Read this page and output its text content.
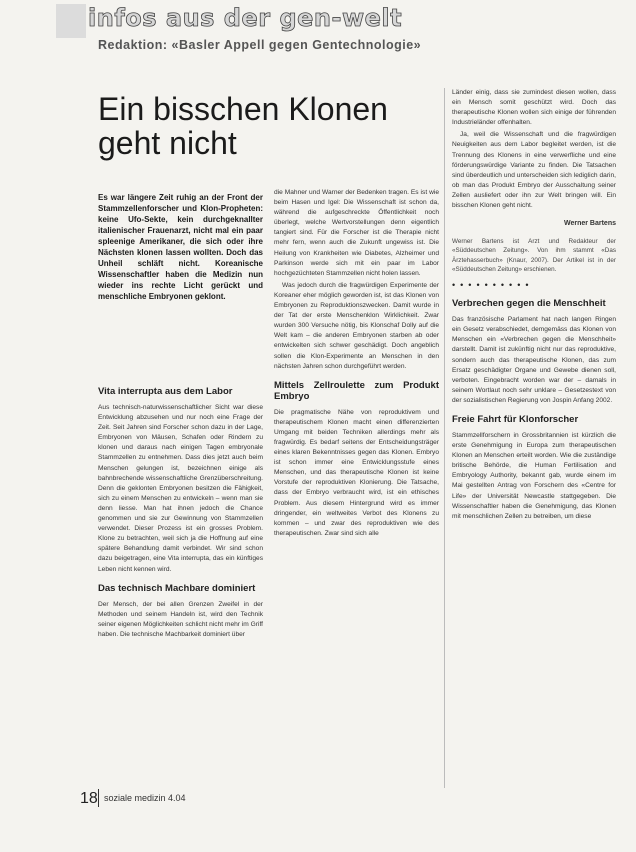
infos aus der gen-welt
Redaktion: «Basler Appell gegen Gentechnologie»
Ein bisschen Klonen
geht nicht
Es war längere Zeit ruhig an der Front der Stammzellenforscher und Klon-Propheten: keine Ufo-Sekte, kein durchgeknallter italienischer Frauenarzt, nicht mal ein paar spleenige Amerikaner, die sich oder ihre Nächsten klonen lassen wollten. Doch das Unheil schläft nicht. Koreanische Wissenschaftler haben die Medizin nun wieder ins rechte Licht gerückt und menschliche Embryonen geklont.
Vita interrupta aus dem Labor

Aus technisch-naturwissenschaftlicher Sicht war diese Entwicklung abzusehen und nur noch eine Frage der Zeit. Seit Jahren sind Forscher schon dazu in der Lage, Embryonen von Mäusen, Schafen oder Rindern zu klonen und daraus nach einigen Tagen embryonale Stammzellen zu entnehmen. Dass dies jetzt auch beim Menschen gelungen ist, bezeichnen einige als bahnbrechende wissenschaftliche Grenzüberschreitung. Denn die geklonten Embryonen besitzen die Fähigkeit, sich zu einem Menschen zu entwickeln – wenn man sie denn liesse. Man hat ihnen jedoch die Chance genommen und sie zur Gewinnung von Stammzellen verwendet. Dieser Prozess ist ein grosses Problem. Klone zu betrachten, weil sich ja die Hoffnung auf eine spätere Behandlung damit verbindet. Wir sind schon dazu beigetragen, eine Vita interrupta, das ein künftiges Leben nicht kennen wird.

Das technisch Machbare dominiert

Der Mensch, der bei allen Grenzen Zweifel in der Methoden und seinem Handeln ist, wird den Technik seiner eigenen Möglichkeiten schlicht nicht mehr im Griff haben. Die technische Machbarkeit dominiert über

die Mahner und Warner der Bedenken tragen. Es ist wie beim Hasen und Igel: Die Wissenschaft ist schon da, während die aufgeschreckte Öffentlichkeit noch überlegt, welche Wertvorstellungen denn eigentlich tangiert sind. Für die Forscher ist die Therapie nicht mehr fern, wenn auch die Zukunft ungewiss ist. Die Heilung von Krankheiten wie Diabetes, Alzheimer und Parkinson werde sich mit ein paar im Labor hochgezüchteten Stammzellen nicht holen lassen.

Was jedoch durch die fragwürdigen Experimente der Koreaner eher möglich geworden ist, ist das Klonen von Embryonen zu Reproduktionszwecken. Damit wurde in der Tat der erste Menschenklon Wirklichkeit. Zwar wurden 300 Versuche nötig, bis Klonschaf Dolly auf die Welt kam – die anderen Embryonen starben ab oder entwickelten sich schwer geschädigt. Doch angeblich sollen die Klon-Experimente an Menschen in den nächsten Jahren schon durchgeführt werden.

Mittels Zellroulette zum Produkt Embryo

Die pragmatische Nähe von reproduktivem und therapeutischem Klonen macht einen differenzierten Umgang mit beiden Techniken allerdings mehr als fragwürdig. Es bedarf seitens der Entscheidungsträger eines klaren Bekenntnisses gegen das Klonen. Embryo ist schon immer eine Entwicklungsstufe eines Menschen, und das therapeutische Klonen ist keine Vorstufe der reproduktiven Klonierung. Die Tatsache, dass der Embryo verbraucht wird, ist ein ethisches Problem. Aus diesem Hintergrund wird es immer dringender, ein weltweites Verbot des Klonens zu kommen – und zwar des reproduktiven wie des therapeutischen. Zwar sind sich alle

Länder einig, dass sie zumindest diesen wollen, dass ein Mensch somit geschützt wird. Doch das therapeutische Klonen wollen sich einige der führenden Industrieländer offenhalten.

Ja, weil die Wissenschaft und die fragwürdigen Neuigkeiten aus dem Labor begleitet werden, ist die Trennung des Klonens in eine verwerfliche und eine förderungswürdige Variante zu finden. Die Tatsachen sind überdeutlich und unterscheiden sich lediglich darin, ob man das Produkt Embryo der Ausschaltung seiner Zellen ausliefert oder ihn zur Welt bringen will. Ein bisschen Klonen geht nicht.

Werner Bartens
Werner Bartens ist Arzt und Redakteur der «Süddeutschen Zeitung». Von ihm stammt «Das Ärztehasserbuch» (Knaur, 2007). Der Artikel ist in der «Süddeutschen Zeitung» erschienen.
••••••••••
Verbrechen gegen die Menschheit

Das französische Parlament hat nach langen Ringen ein Gesetz verabschiedet, demgemäss das Klonen von Menschen ein «Verbrechen gegen die Menschheit» darstellt. Damit ist zukünftig nicht nur das reproduktive, sondern auch das therapeutische Klonen, das zum Ersatz geschädigter Organe und Gewebe dienen soll, verboten. Eingebracht worden war der – damals in seinem Wortlaut noch sehr unklare – Gesetzestext von der sozialistischen Regierung von Jospin Anfang 2002.

Freie Fahrt für Klonforscher

Stammzellforschern in Grossbritannien ist kürzlich die erste Genehmigung in Europa zum therapeutischen Klonen an Menschen erteilt worden. Wie die zuständige britische Behörde, die Human Fertilisation and Embryology Authority, bekannt gab, wurde einem im Mai gestellten Antrag von Forschern des «Centre for Life» der Universität Newcastle stattgegeben. Die Wissenschaftler haben die Genehmigung, das Klonen mit menschlichen Zellen zu betreiben, um diese

18 soziale medizin 4.04
